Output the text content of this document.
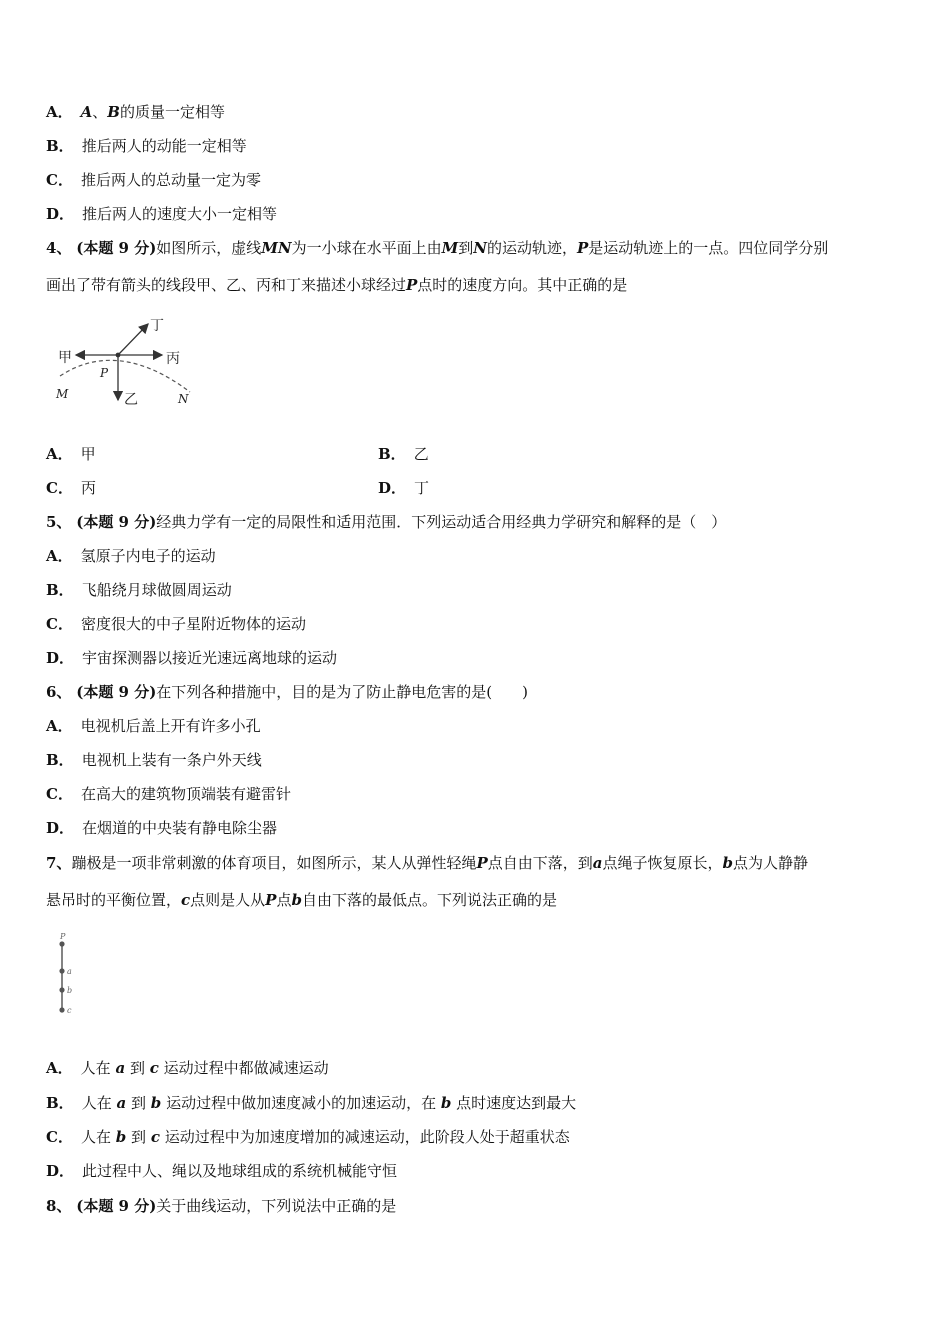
A． A、B的质量一定相等
B． 推后两人的动能一定相等
C． 推后两人的总动量一定为零
D． 推后两人的速度大小一定相等
4、 (本题 9 分)如图所示，虚线MN为一小球在水平面上由M到N的运动轨迹，P是运动轨迹上的一点。四位同学分别
画出了带有箭头的线段甲、乙、丙和丁来描述小球经过P点时的速度方向。其中正确的是
甲	丙
乙
丁
P
M	N
A． 甲	B． 乙
C． 丙	D． 丁
5、 (本题 9 分)经典力学有一定的局限性和适用范围．下列运动适合用经典力学研究和解释的是（　）
A． 氢原子内电子的运动
B． 飞船绕月球做圆周运动
C． 密度很大的中子星附近物体的运动
D． 宇宙探测器以接近光速远离地球的运动
6、 (本题 9 分)在下列各种措施中，目的是为了防止静电危害的是(　　)
A． 电视机后盖上开有许多小孔
B． 电视机上装有一条户外天线
C． 在高大的建筑物顶端装有避雷针
D． 在烟道的中央装有静电除尘器
7、蹦极是一项非常刺激的体育项目，如图所示，某人从弹性轻绳P点自由下落，到a点绳子恢复原长，b点为人静静
悬吊时的平衡位置，c点则是人从P点b自由下落的最低点。下列说法正确的是
P
a
b
c
A． 人在 a 到 c 运动过程中都做减速运动
B． 人在 a 到 b 运动过程中做加速度减小的加速运动，在 b 点时速度达到最大
C． 人在 b 到 c 运动过程中为加速度增加的减速运动，此阶段人处于超重状态
D． 此过程中人、绳以及地球组成的系统机械能守恒
8、 (本题 9 分)关于曲线运动，下列说法中正确的是
